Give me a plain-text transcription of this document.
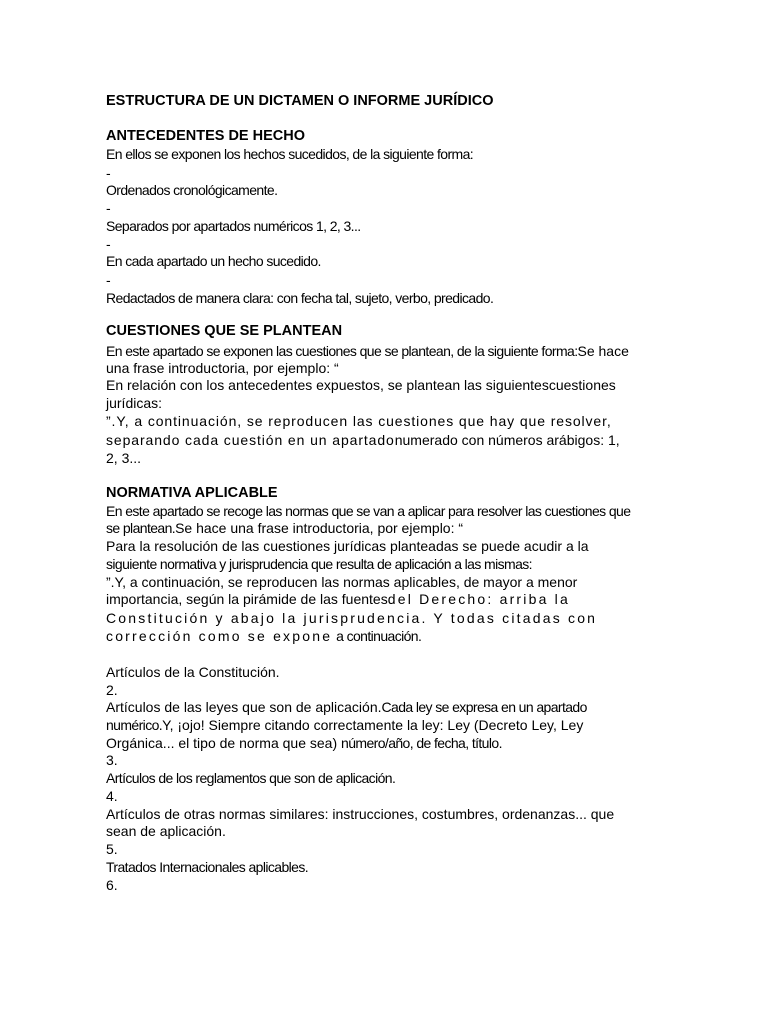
ESTRUCTURA DE UN DICTAMEN O INFORME JURÍDICO
ANTECEDENTES DE HECHO
En ellos se exponen los hechos sucedidos, de la siguiente forma:
-
Ordenados cronológicamente.
-
Separados por apartados numéricos 1, 2, 3...
-
En cada apartado un hecho sucedido.
-
Redactados de manera clara: con fecha tal, sujeto, verbo, predicado.
CUESTIONES QUE SE PLANTEAN
En este apartado se exponen las cuestiones que se plantean, de la siguiente forma:Se hace
una frase introductoria, por ejemplo: “
En relación con los antecedentes expuestos, se plantean las siguientescuestiones
jurídicas:
”.Y, a continuación, se reproducen las cuestiones que hay que resolver,
separando cada cuestión en un apartadonumerado con números arábigos: 1,
2, 3...
NORMATIVA APLICABLE
En este apartado se recoge las normas que se van a aplicar para resolver las cuestiones que
se plantean.Se hace una frase introductoria, por ejemplo: “
Para la resolución de las cuestiones jurídicas planteadas se puede acudir a la
siguiente normativa y jurisprudencia que resulta de aplicación a las mismas:
”.Y, a continuación, se reproducen las normas aplicables, de mayor a menor
importancia, según la pirámide de las fuentesdel Derecho: arriba la
Constitución y abajo la jurisprudencia. Y todas citadas con
corrección como se expone a continuación.
Artículos de la Constitución.
2.
Artículos de las leyes que son de aplicación.Cada ley se expresa en un apartado
numérico.Y, ¡ojo! Siempre citando correctamente la ley: Ley (Decreto Ley, Ley
Orgánica... el tipo de norma que sea) número/año, de fecha, título.
3.
Artículos de los reglamentos que son de aplicación.
4.
Artículos de otras normas similares: instrucciones, costumbres, ordenanzas... que
sean de aplicación.
5.
Tratados Internacionales aplicables.
6.
